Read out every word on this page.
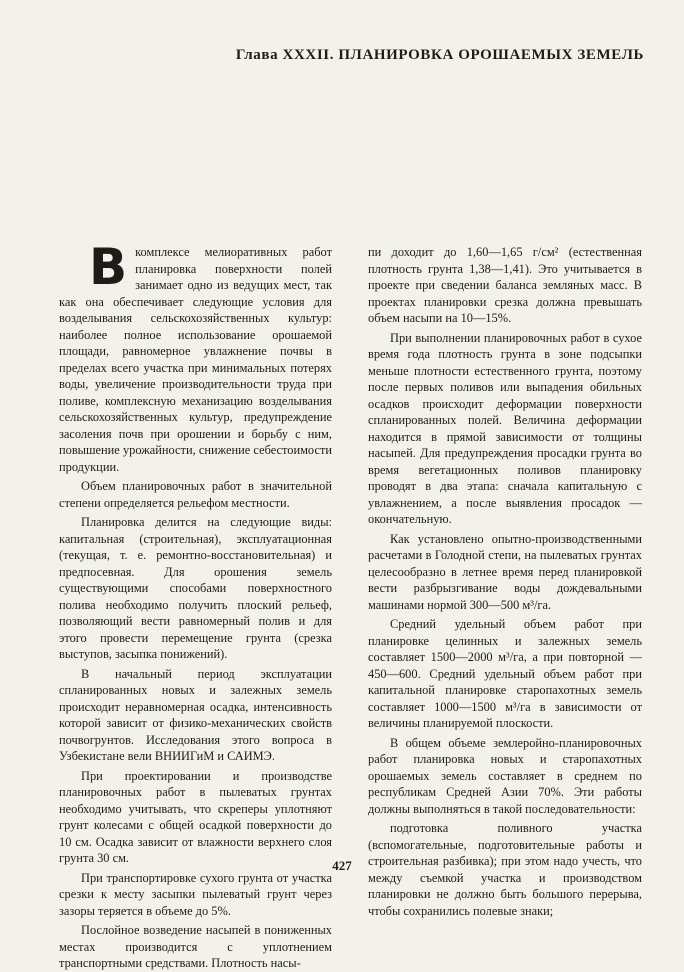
Глава XXXII. ПЛАНИРОВКА ОРОШАЕМЫХ ЗЕМЕЛЬ

Вкомплексе мелиоративных работ планировка поверхности полей занимает одно из ведущих мест, так как она обеспечивает следующие условия для возделывания сельскохозяйственных культур: наиболее полное использование орошаемой площади, равномерное увлажнение почвы в пределах всего участка при минимальных потерях воды, увеличение производительности труда при поливе, комплексную механизацию возделывания сельскохозяйственных культур, предупреждение засоления почв при орошении и борьбу с ним, повышение урожайности, снижение себестоимости продукции.

Объем планировочных работ в значительной степени определяется рельефом местности.

Планировка делится на следующие виды: капитальная (строительная), эксплуатационная (текущая, т. е. ремонтно-восстановительная) и предпосевная. Для орошения земель существующими способами поверхностного полива необходимо получить плоский рельеф, позволяющий вести равномерный полив и для этого провести перемещение грунта (срезка выступов, засыпка понижений).

В начальный период эксплуатации спланированных новых и залежных земель происходит неравномерная осадка, интенсивность которой зависит от физико-механических свойств почвогрунтов. Исследования этого вопроса в Узбекистане вели ВНИИГиМ и САИМЭ.

При проектировании и производстве планировочных работ в пылеватых грунтах необходимо учитывать, что скреперы уплотняют грунт колесами с общей осадкой поверхности до 10 см. Осадка зависит от влажности верхнего слоя грунта 30 см.

При транспортировке сухого грунта от участка срезки к месту засыпки пылеватый грунт через зазоры теряется в объеме до 5%.

Послойное возведение насыпей в пониженных местах производится с уплотнением транспортными средствами. Плотность насы-

пи доходит до 1,60—1,65 г/см² (естественная плотность грунта 1,38—1,41). Это учитывается в проекте при сведении баланса земляных масс. В проектах планировки срезка должна превышать объем насыпи на 10—15%.

При выполнении планировочных работ в сухое время года плотность грунта в зоне подсыпки меньше плотности естественного грунта, поэтому после первых поливов или выпадения обильных осадков происходит деформации поверхности спланированных полей. Величина деформации находится в прямой зависимости от толщины насыпей. Для предупреждения просадки грунта во время вегетационных поливов планировку проводят в два этапа: сначала капитальную с увлажнением, а после выявления просадок — окончательную.

Как установлено опытно-производственными расчетами в Голодной степи, на пылеватых грунтах целесообразно в летнее время перед планировкой вести разбрызгивание воды дождевальными машинами нормой 300—500 м³/га.

Средний удельный объем работ при планировке целинных и залежных земель составляет 1500—2000 м³/га, а при повторной — 450—600. Средний удельный объем работ при капитальной планировке старопахотных земель составляет 1000—1500 м³/га в зависимости от величины планируемой плоскости.

В общем объеме землеройно-планировочных работ планировка новых и старопахотных орошаемых земель составляет в среднем по республикам Средней Азии 70%. Эти работы должны выполняться в такой последовательности:

подготовка поливного участка (вспомогательные, подготовительные работы и строительная разбивка); при этом надо учесть, что между съемкой участка и производством планировки не должно быть большого перерыва, чтобы сохранились полевые знаки;

427
